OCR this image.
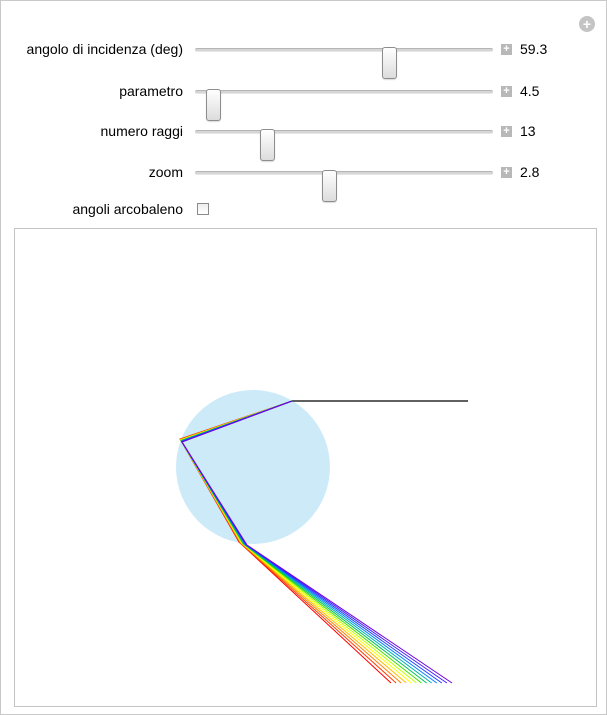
+
angolo di incidenza (deg)	+ 59.3
parametro	+ 4.5
numero raggi	+ 13
zoom	+ 2.8
angoli arcobaleno
